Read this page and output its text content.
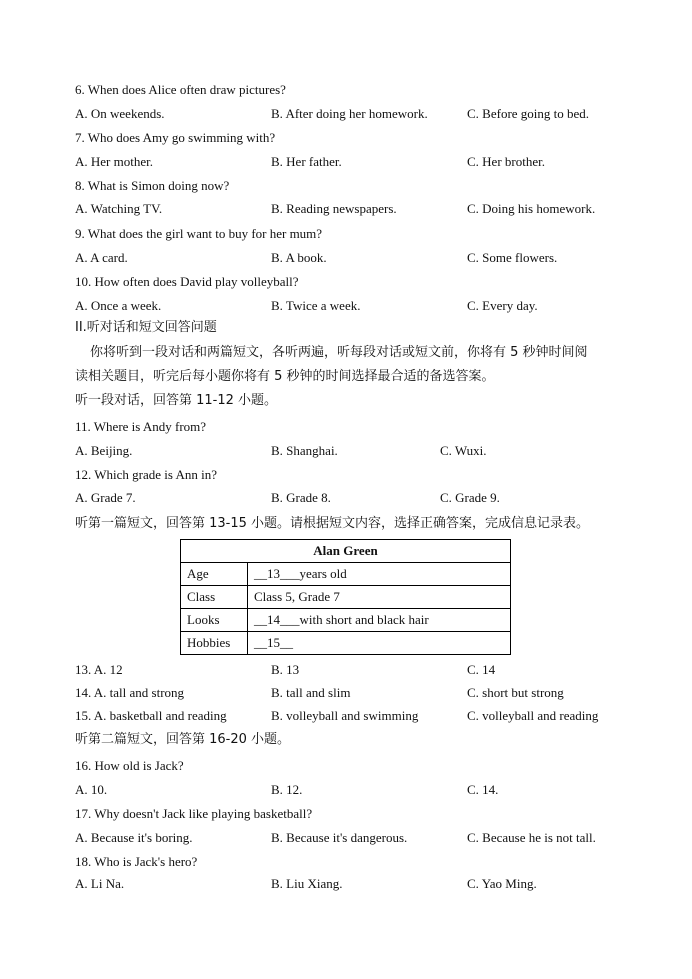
6. When does Alice often draw pictures?
A. On weekends.	B. After doing her homework.	C. Before going to bed.
7. Who does Amy go swimming with?
A. Her mother.	B. Her father.	C. Her brother.
8. What is Simon doing now?
A. Watching TV.	B. Reading newspapers.	C. Doing his homework.
9. What does the girl want to buy for her mum?
A. A card.	B. A book.	C. Some flowers.
10. How often does David play volleyball?
A. Once a week.	B. Twice a week.	C. Every day.
II.听对话和短文回答问题
你将听到一段对话和两篇短文，各听两遍，听每段对话或短文前，你将有 5 秒钟时间阅
读相关题目，听完后每小题你将有 5 秒钟的时间选择最合适的备选答案。
听一段对话，回答第 11-12 小题。
11. Where is Andy from?
A. Beijing.	B. Shanghai.	C. Wuxi.
12. Which grade is Ann in?
A. Grade 7.	B. Grade 8.	C. Grade 9.
听第一篇短文，回答第 13-15 小题。请根据短文内容，选择正确答案，完成信息记录表。
Alan Green	
Age	__13___years old
Class	Class 5, Grade 7
Looks	__14___with short and black hair
Hobbies	__15__
13. A. 12	B. 13	C. 14
14. A. tall and strong	B. tall and slim	C. short but strong
15. A. basketball and reading	B. volleyball and swimming	C. volleyball and reading
听第二篇短文，回答第 16-20 小题。
16. How old is Jack?
A. 10.	B. 12.	C. 14.
17. Why doesn't Jack like playing basketball?
A. Because it's boring.	B. Because it's dangerous.	C. Because he is not tall.
18. Who is Jack's hero?
A. Li Na.	B. Liu Xiang.	C. Yao Ming.
